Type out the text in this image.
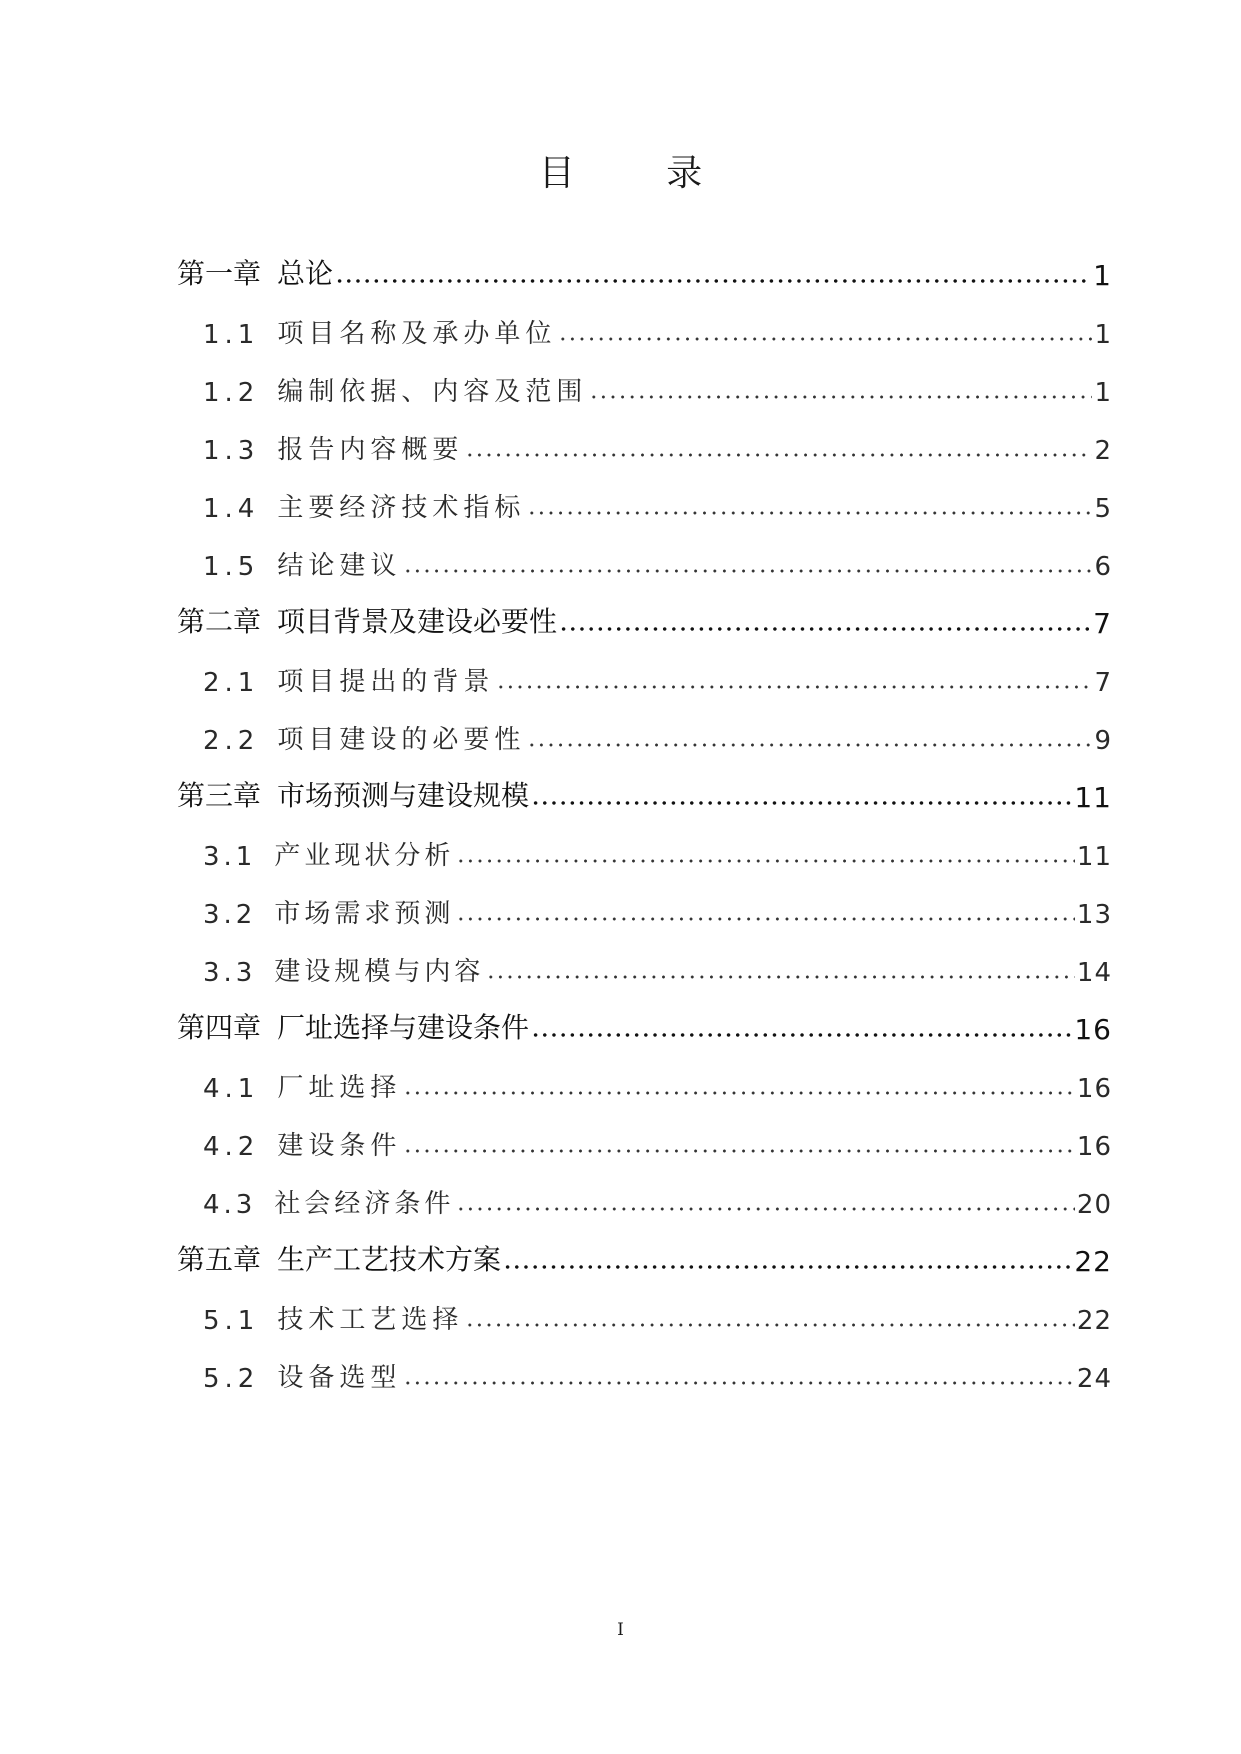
目 录
第一章 总论	1
1.1 项目名称及承办单位	1
1.2 编制依据、内容及范围	1
1.3 报告内容概要	2
1.4 主要经济技术指标	5
1.5 结论建议	6
第二章 项目背景及建设必要性	7
2.1 项目提出的背景	7
2.2 项目建设的必要性	9
第三章 市场预测与建设规模	11
3.1 产业现状分析	11
3.2 市场需求预测	13
3.3 建设规模与内容	14
第四章 厂址选择与建设条件	16
4.1 厂址选择	16
4.2 建设条件	16
4.3 社会经济条件	20
第五章 生产工艺技术方案	22
5.1 技术工艺选择	22
5.2 设备选型	24
I
